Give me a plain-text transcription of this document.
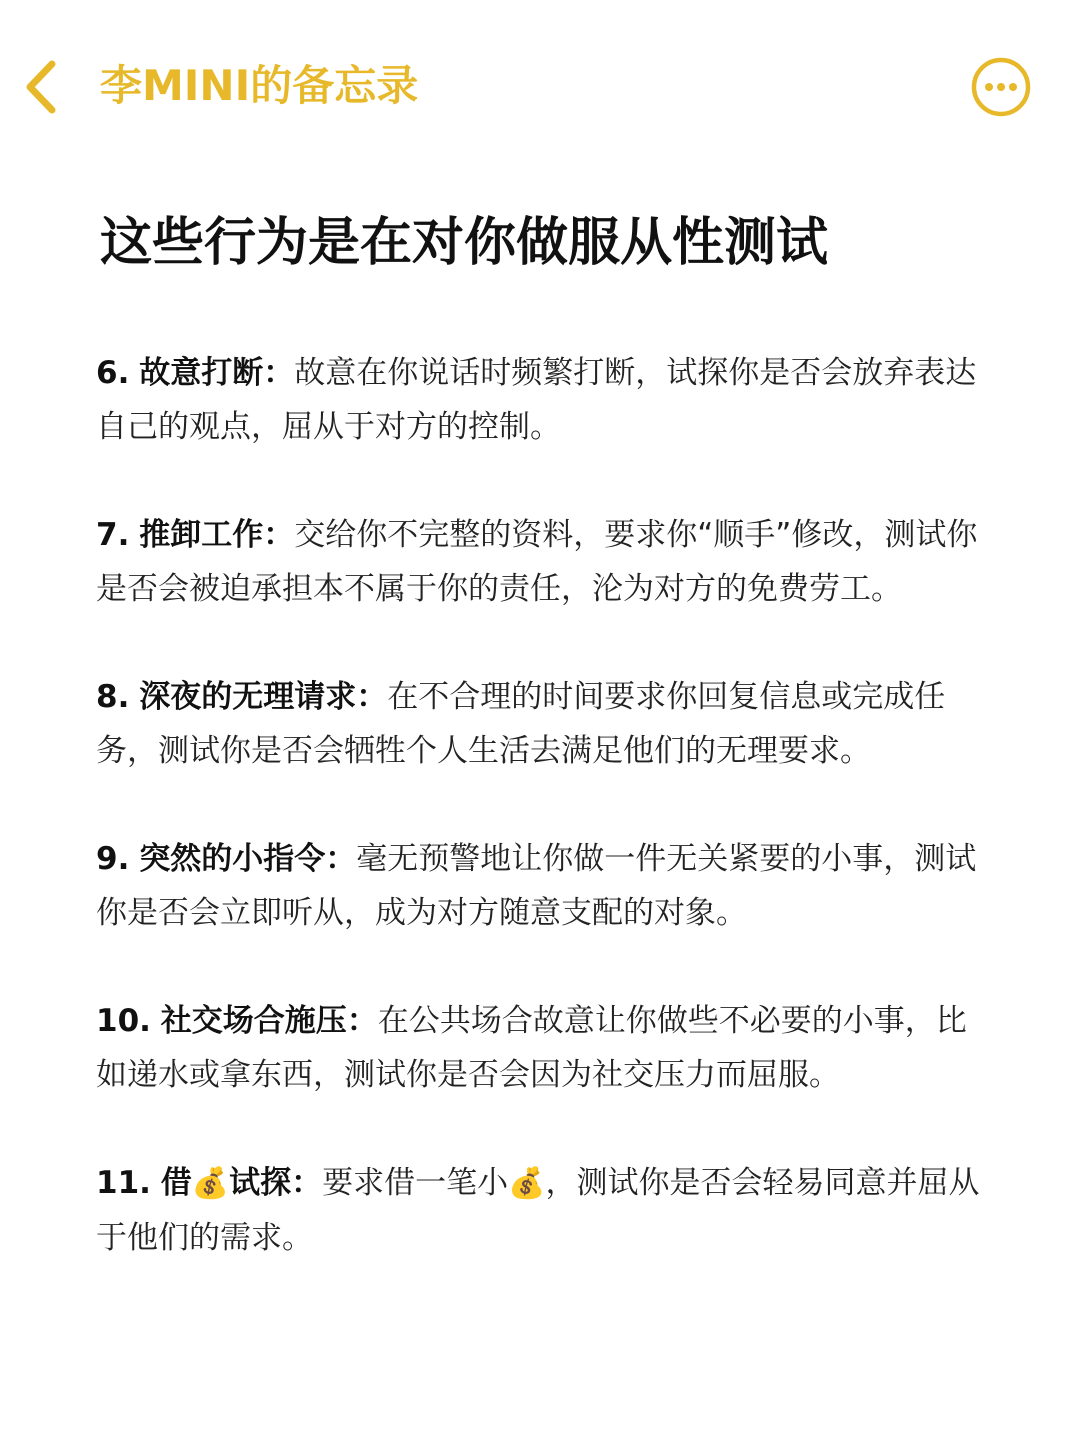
李MINI的备忘录
这些行为是在对你做服从性测试

6. 故意打断：故意在你说话时频繁打断，试探你是否会放弃表达自己的观点，屈从于对方的控制。

7. 推卸工作：交给你不完整的资料，要求你“顺手”修改，测试你是否会被迫承担本不属于你的责任，沦为对方的免费劳工。

8. 深夜的无理请求：在不合理的时间要求你回复信息或完成任务，测试你是否会牺牲个人生活去满足他们的无理要求。

9. 突然的小指令：毫无预警地让你做一件无关紧要的小事，测试你是否会立即听从，成为对方随意支配的对象。

10. 社交场合施压：在公共场合故意让你做些不必要的小事，比如递水或拿东西，测试你是否会因为社交压力而屈服。

11. 借💰试探：要求借一笔小💰，测试你是否会轻易同意并屈从于他们的需求。
